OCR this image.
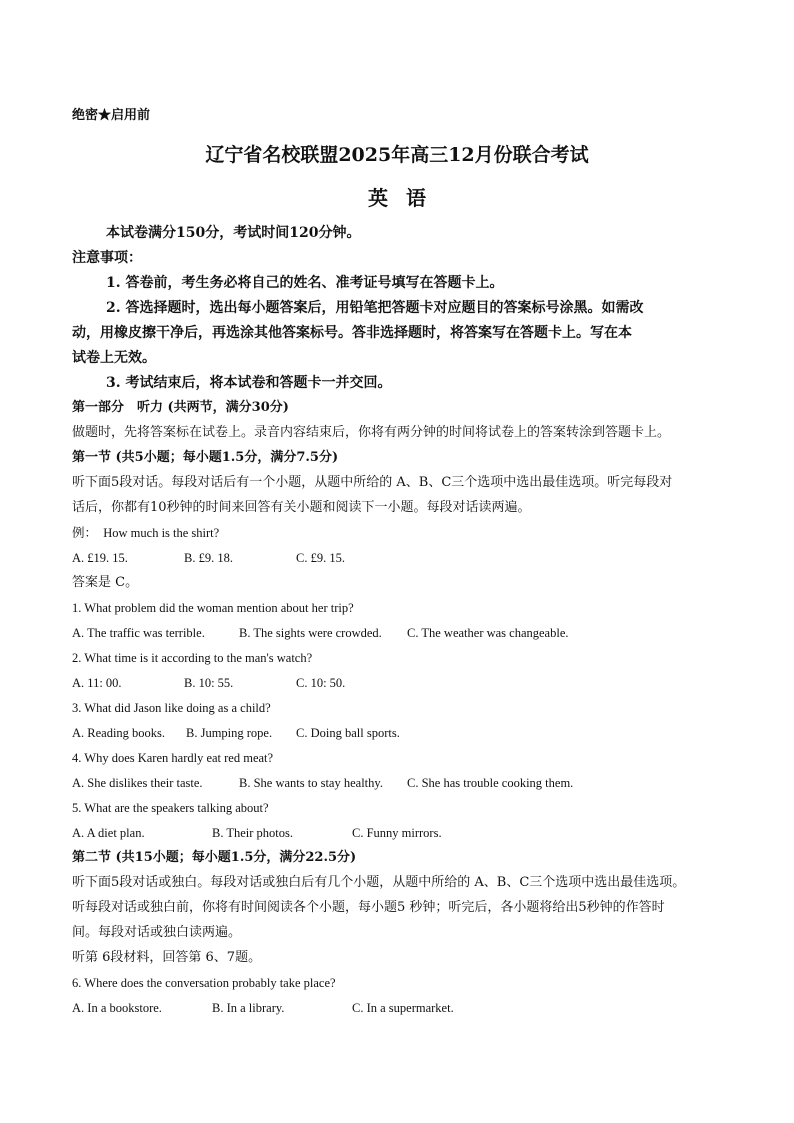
绝密★启用前
辽宁省名校联盟2025年高三12月份联合考试
英语
本试卷满分150分，考试时间120分钟。
注意事项：
1. 答卷前，考生务必将自己的姓名、准考证号填写在答题卡上。
2. 答选择题时，选出每小题答案后，用铅笔把答题卡对应题目的答案标号涂黑。如需改
动，用橡皮擦干净后，再选涂其他答案标号。答非选择题时，将答案写在答题卡上。写在本
试卷上无效。
3. 考试结束后，将本试卷和答题卡一并交回。
第一部分　听力 (共两节，满分30分)
做题时，先将答案标在试卷上。录音内容结束后，你将有两分钟的时间将试卷上的答案转涂到答题卡上。
第一节 (共5小题；每小题1.5分，满分7.5分)
听下面5段对话。每段对话后有一个小题，从题中所给的 A、B、C三个选项中选出最佳选项。听完每段对
话后，你都有10秒钟的时间来回答有关小题和阅读下一小题。每段对话读两遍。
例：　How much is the shirt?
A. £19. 15.	B. £9. 18.	C. £9. 15.
答案是 C。
1. What problem did the woman mention about her trip?
A. The traffic was terrible.	B. The sights were crowded. C. The weather was changeable.
2. What time is it according to the man's watch?
A. 11: 00.	B. 10: 55.	C. 10: 50.
3. What did Jason like doing as a child?
A. Reading books. B. Jumping rope. C. Doing ball sports.
4. Why does Karen hardly eat red meat?
A. She dislikes their taste.	B. She wants to stay healthy. C. She has trouble cooking them.
5. What are the speakers talking about?
A. A diet plan.	B. Their photos.	C. Funny mirrors.
第二节 (共15小题；每小题1.5分，满分22.5分)
听下面5段对话或独白。每段对话或独白后有几个小题，从题中所给的 A、B、C三个选项中选出最佳选项。
听每段对话或独白前，你将有时间阅读各个小题，每小题5 秒钟；听完后，各小题将给出5秒钟的作答时
间。每段对话或独白读两遍。
听第 6段材料，回答第 6、7题。
6. Where does the conversation probably take place?
A. In a bookstore.	B. In a library.	C. In a supermarket.
